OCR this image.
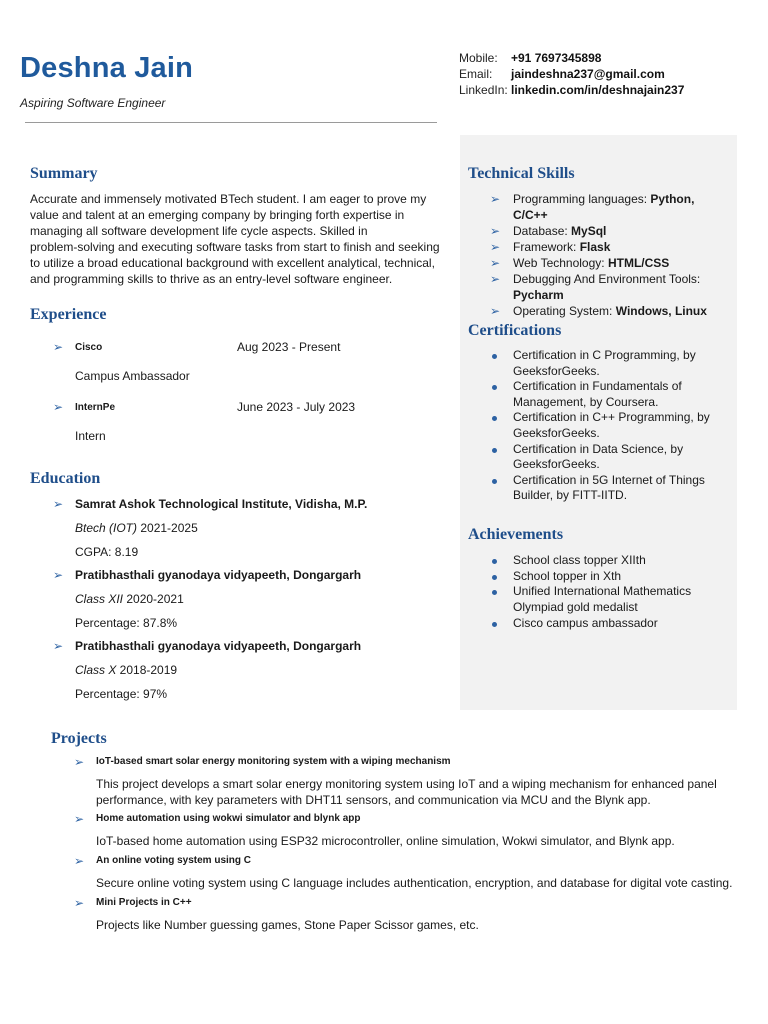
Deshna Jain
Aspiring Software Engineer
Mobile:	+91 7697345898
Email:	jaindeshna237@gmail.com
LinkedIn: linkedin.com/in/deshnajain237
Summary
Accurate and immensely motivated BTech student. I am eager to prove my
value and talent at an emerging company by bringing forth expertise in
managing all software development life cycle aspects. Skilled in
problem-solving and executing software tasks from start to finish and seeking
to utilize a broad educational background with excellent analytical, technical,
and programming skills to thrive as an entry-level software engineer.
Experience
➢	Cisco	Aug 2023 - Present
Campus Ambassador
➢	InternPe	June 2023 - July 2023
Intern
Education
➢ Samrat Ashok Technological Institute, Vidisha, M.P.
Btech (IOT) 2021-2025
CGPA: 8.19
➢ Pratibhasthali gyanodaya vidyapeeth, Dongargarh
Class XII 2020-2021
Percentage: 87.8%
➢ Pratibhasthali gyanodaya vidyapeeth, Dongargarh
Class X 2018-2019
Percentage: 97%
Technical Skills
➢ Programming languages: Python, C/C++
➢ Database: MySql
➢ Framework: Flask
➢ Web Technology: HTML/CSS
➢ Debugging And Environment Tools:
Pycharm
➢ Operating System: Windows, Linux
Certifications
Certification in C Programming, by
GeeksforGeeks.
Certification in Fundamentals of
Management, by Coursera.
Certification in C++ Programming, by
GeeksforGeeks.
Certification in Data Science, by
GeeksforGeeks.
Certification in 5G Internet of Things
Builder, by FITT-IITD.
Achievements
School class topper XIIth
School topper in Xth
Unified International Mathematics
Olympiad gold medalist
Cisco campus ambassador
Projects
➢ IoT-based smart solar energy monitoring system with a wiping mechanism
This project develops a smart solar energy monitoring system using IoT and a wiping mechanism for enhanced panel
performance, with key parameters with DHT11 sensors, and communication via MCU and the Blynk app.
➢ Home automation using wokwi simulator and blynk app
IoT-based home automation using ESP32 microcontroller, online simulation, Wokwi simulator, and Blynk app.
➢ An online voting system using C
Secure online voting system using C language includes authentication, encryption, and database for digital vote casting.
➢ Mini Projects in C++
Projects like Number guessing games, Stone Paper Scissor games, etc.
